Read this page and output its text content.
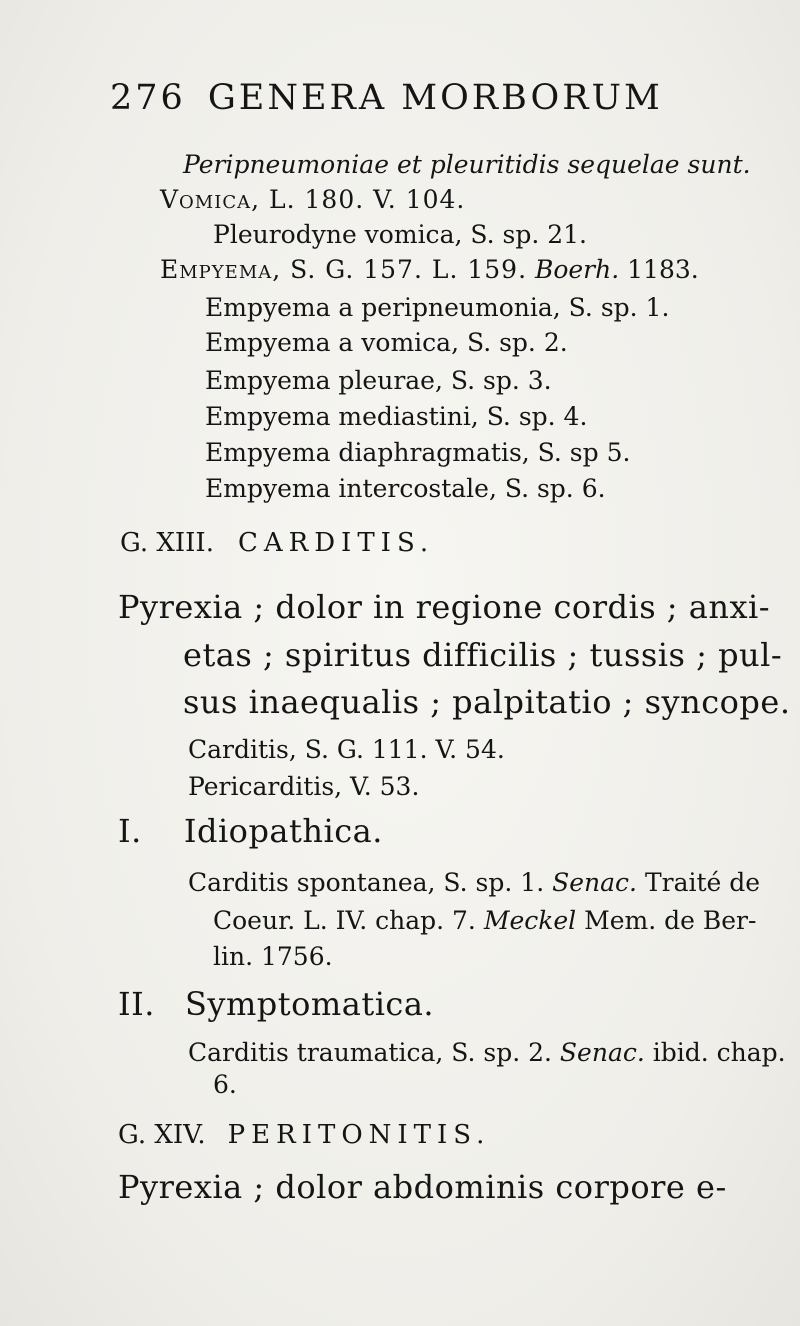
276 GENERA MORBORUM
Peripneumoniae et pleuritidis sequelae sunt.
Vomica, L. 180. V. 104.
Pleurodyne vomica, S. sp. 21.
Empyema, S. G. 157. L. 159. Boerh. 1183.
Empyema a peripneumonia, S. sp. 1.
Empyema a vomica, S. sp. 2.
Empyema pleurae, S. sp. 3.
Empyema mediastini, S. sp. 4.
Empyema diaphragmatis, S. sp 5.
Empyema intercostale, S. sp. 6.
G. XIII. CARDITIS.
Pyrexia ; dolor in regione cordis ; anxi-
etas ; spiritus difficilis ; tussis ; pul-
sus inaequalis ; palpitatio ; syncope.
Carditis, S. G. 111. V. 54.
Pericarditis, V. 53.
I. Idiopathica.
Carditis spontanea, S. sp. 1. Senac. Traité de
Coeur. L. IV. chap. 7. Meckel Mem. de Ber-
lin. 1756.
II. Symptomatica.
Carditis traumatica, S. sp. 2. Senac. ibid. chap.
6.
G. XIV. PERITONITIS.
Pyrexia ; dolor abdominis corpore e-
